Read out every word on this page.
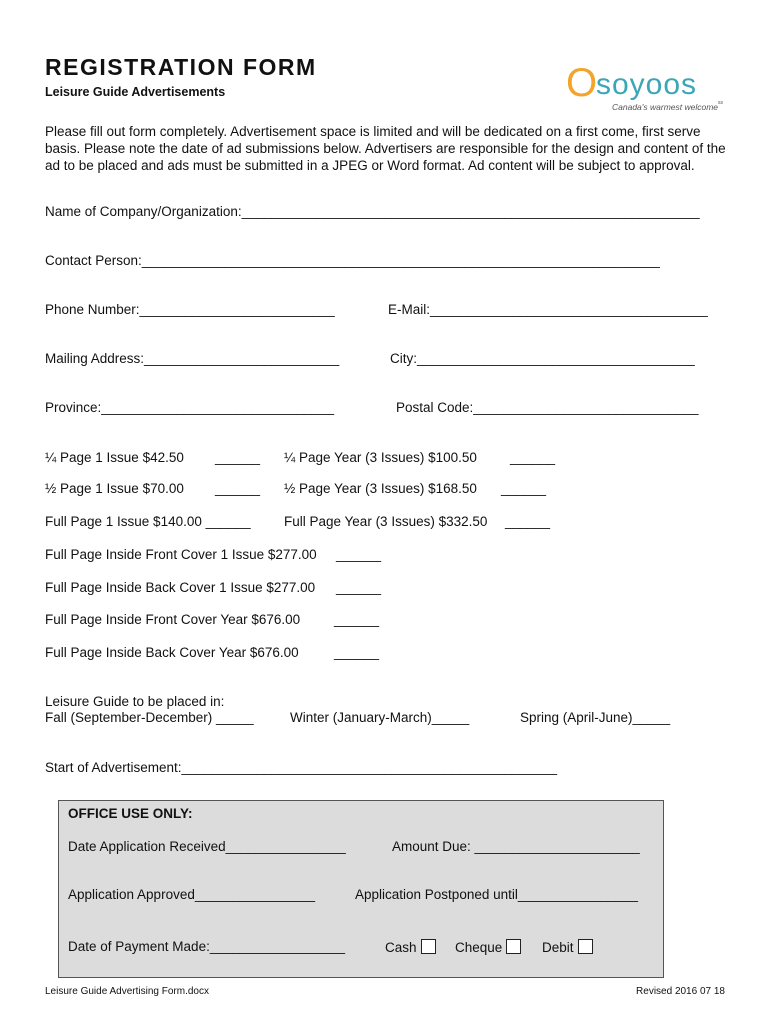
REGISTRATION FORM
Leisure Guide Advertisements	O
soyoos
Canada's warmest welcome ss
Please fill out form completely. Advertisement space is limited and will be dedicated on a first come, first serve basis. Please note the date of ad submissions below. Advertisers are responsible for the design and content of the ad to be placed and ads must be submitted in a JPEG or Word format. Ad content will be subject to approval.
Name of Company/Organization:_____________________________________________________________
Contact Person:_____________________________________________________________________
Phone Number:__________________________	E-Mail:_____________________________________
Mailing Address:__________________________	City:_____________________________________
Province:_______________________________	Postal Code:______________________________
¼ Page 1 Issue $42.50 ______ ¼ Page Year (3 Issues) $100.50 ______
½ Page 1 Issue $70.00 ______ ½ Page Year (3 Issues) $168.50 ______
Full Page 1 Issue $140.00 ______ Full Page Year (3 Issues) $332.50 ______
Full Page Inside Front Cover 1 Issue $277.00 ______
Full Page Inside Back Cover 1 Issue $277.00 ______
Full Page Inside Front Cover Year $676.00	______
Full Page Inside Back Cover Year $676.00	______
Leisure Guide to be placed in:
Fall (September-December) _____	Winter (January-March)_____	Spring (April-June)_____
Start of Advertisement:__________________________________________________
OFFICE USE ONLY:
Date Application Received________________	Amount Due: ______________________
Application Approved________________	Application Postponed until________________
Date of Payment Made:__________________	Cash	Cheque	Debit
Leisure Guide Advertising Form.docx	Revised 2016 07 18
